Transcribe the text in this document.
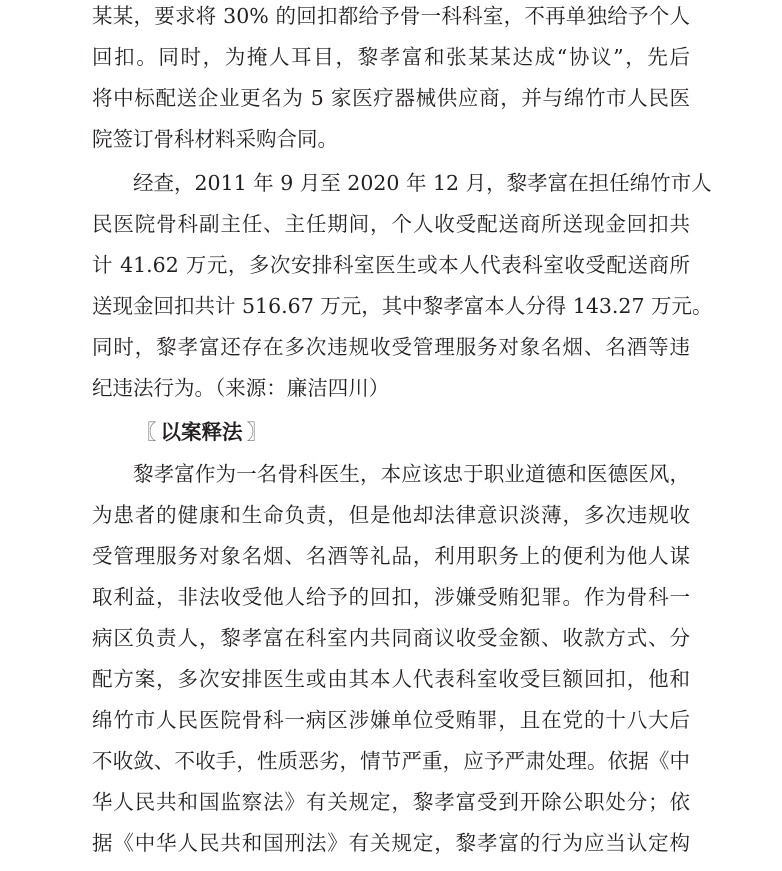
某某，要求将 30% 的回扣都给予骨一科科室，不再单独给予个人
回扣。同时，为掩人耳目，黎孝富和张某某达成“协议”，先后
将中标配送企业更名为 5 家医疗器械供应商，并与绵竹市人民医
院签订骨科材料采购合同。
经查，2011 年 9 月至 2020 年 12 月，黎孝富在担任绵竹市人
民医院骨科副主任、主任期间，个人收受配送商所送现金回扣共
计 41.62 万元，多次安排科室医生或本人代表科室收受配送商所
送现金回扣共计 516.67 万元，其中黎孝富本人分得 143.27 万元。
同时，黎孝富还存在多次违规收受管理服务对象名烟、名酒等违
纪违法行为。（来源：廉洁四川）
〖 以案释法 〗
黎孝富作为一名骨科医生，本应该忠于职业道德和医德医风，
为患者的健康和生命负责，但是他却法律意识淡薄，多次违规收
受管理服务对象名烟、名酒等礼品，利用职务上的便利为他人谋
取利益，非法收受他人给予的回扣，涉嫌受贿犯罪。作为骨科一
病区负责人，黎孝富在科室内共同商议收受金额、收款方式、分
配方案，多次安排医生或由其本人代表科室收受巨额回扣，他和
绵竹市人民医院骨科一病区涉嫌单位受贿罪，且在党的十八大后
不收敛、不收手，性质恶劣，情节严重，应予严肃处理。依据《中
华人民共和国监察法》有关规定，黎孝富受到开除公职处分；依
据《中华人民共和国刑法》有关规定，黎孝富的行为应当认定构
